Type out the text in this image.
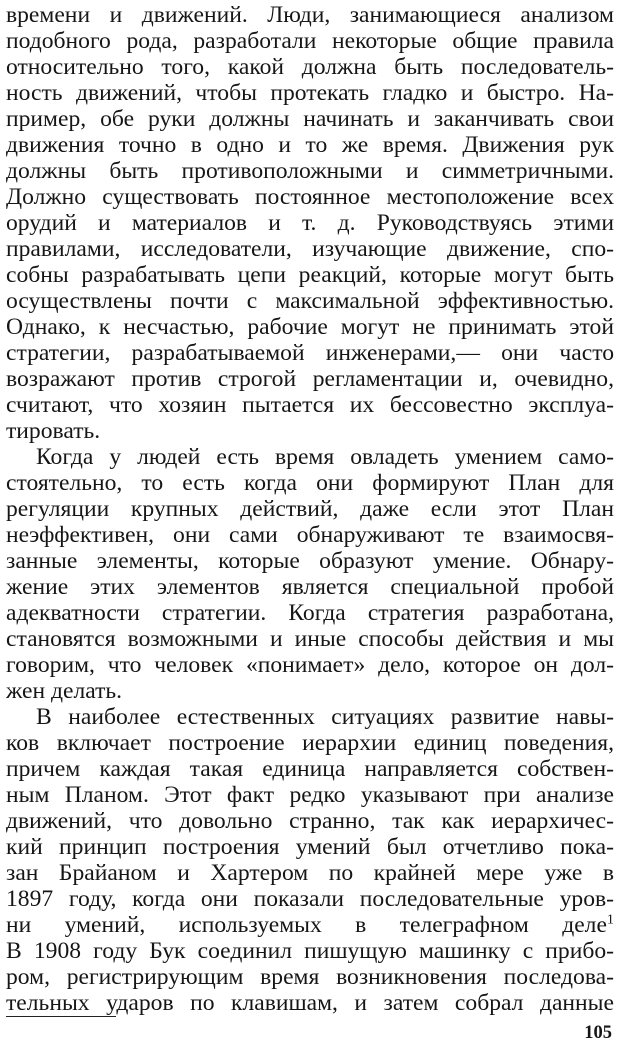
времени и движений. Люди, занимающиеся анализом
подобного рода, разработали некоторые общие правила
относительно того, какой должна быть последователь-
ность движений, чтобы протекать гладко и быстро. На-
пример, обе руки должны начинать и заканчивать свои
движения точно в одно и то же время. Движения рук
должны быть противоположными и симметричными.
Должно существовать постоянное местоположение всех
орудий и материалов и т. д. Руководствуясь этими
правилами, исследователи, изучающие движение, спо-
собны разрабатывать цепи реакций, которые могут быть
осуществлены почти с максимальной эффективностью.
Однако, к несчастью, рабочие могут не принимать этой
стратегии, разрабатываемой инженерами,— они часто
возражают против строгой регламентации и, очевидно,
считают, что хозяин пытается их бессовестно эксплуа-
тировать.
Когда у людей есть время овладеть умением само-
стоятельно, то есть когда они формируют План для
регуляции крупных действий, даже если этот План
неэффективен, они сами обнаруживают те взаимосвя-
занные элементы, которые образуют умение. Обнару-
жение этих элементов является специальной пробой
адекватности стратегии. Когда стратегия разработана,
становятся возможными и иные способы действия и мы
говорим, что человек «понимает» дело, которое он дол-
жен делать.
В наиболее естественных ситуациях развитие навы-
ков включает построение иерархии единиц поведения,
причем каждая такая единица направляется собствен-
ным Планом. Этот факт редко указывают при анализе
движений, что довольно странно, так как иерархичес-
кий принцип построения умений был отчетливо пока-
зан Брайаном и Хартером по крайней мере уже в
1897 году, когда они показали последовательные уров-
ни умений, используемых в телеграфном деле$^1$
В 1908 году Бук соединил пишущую машинку с прибо-
ром, регистрирующим время возникновения последова-
тельных ударов по клавишам, и затем собрал данные
105
